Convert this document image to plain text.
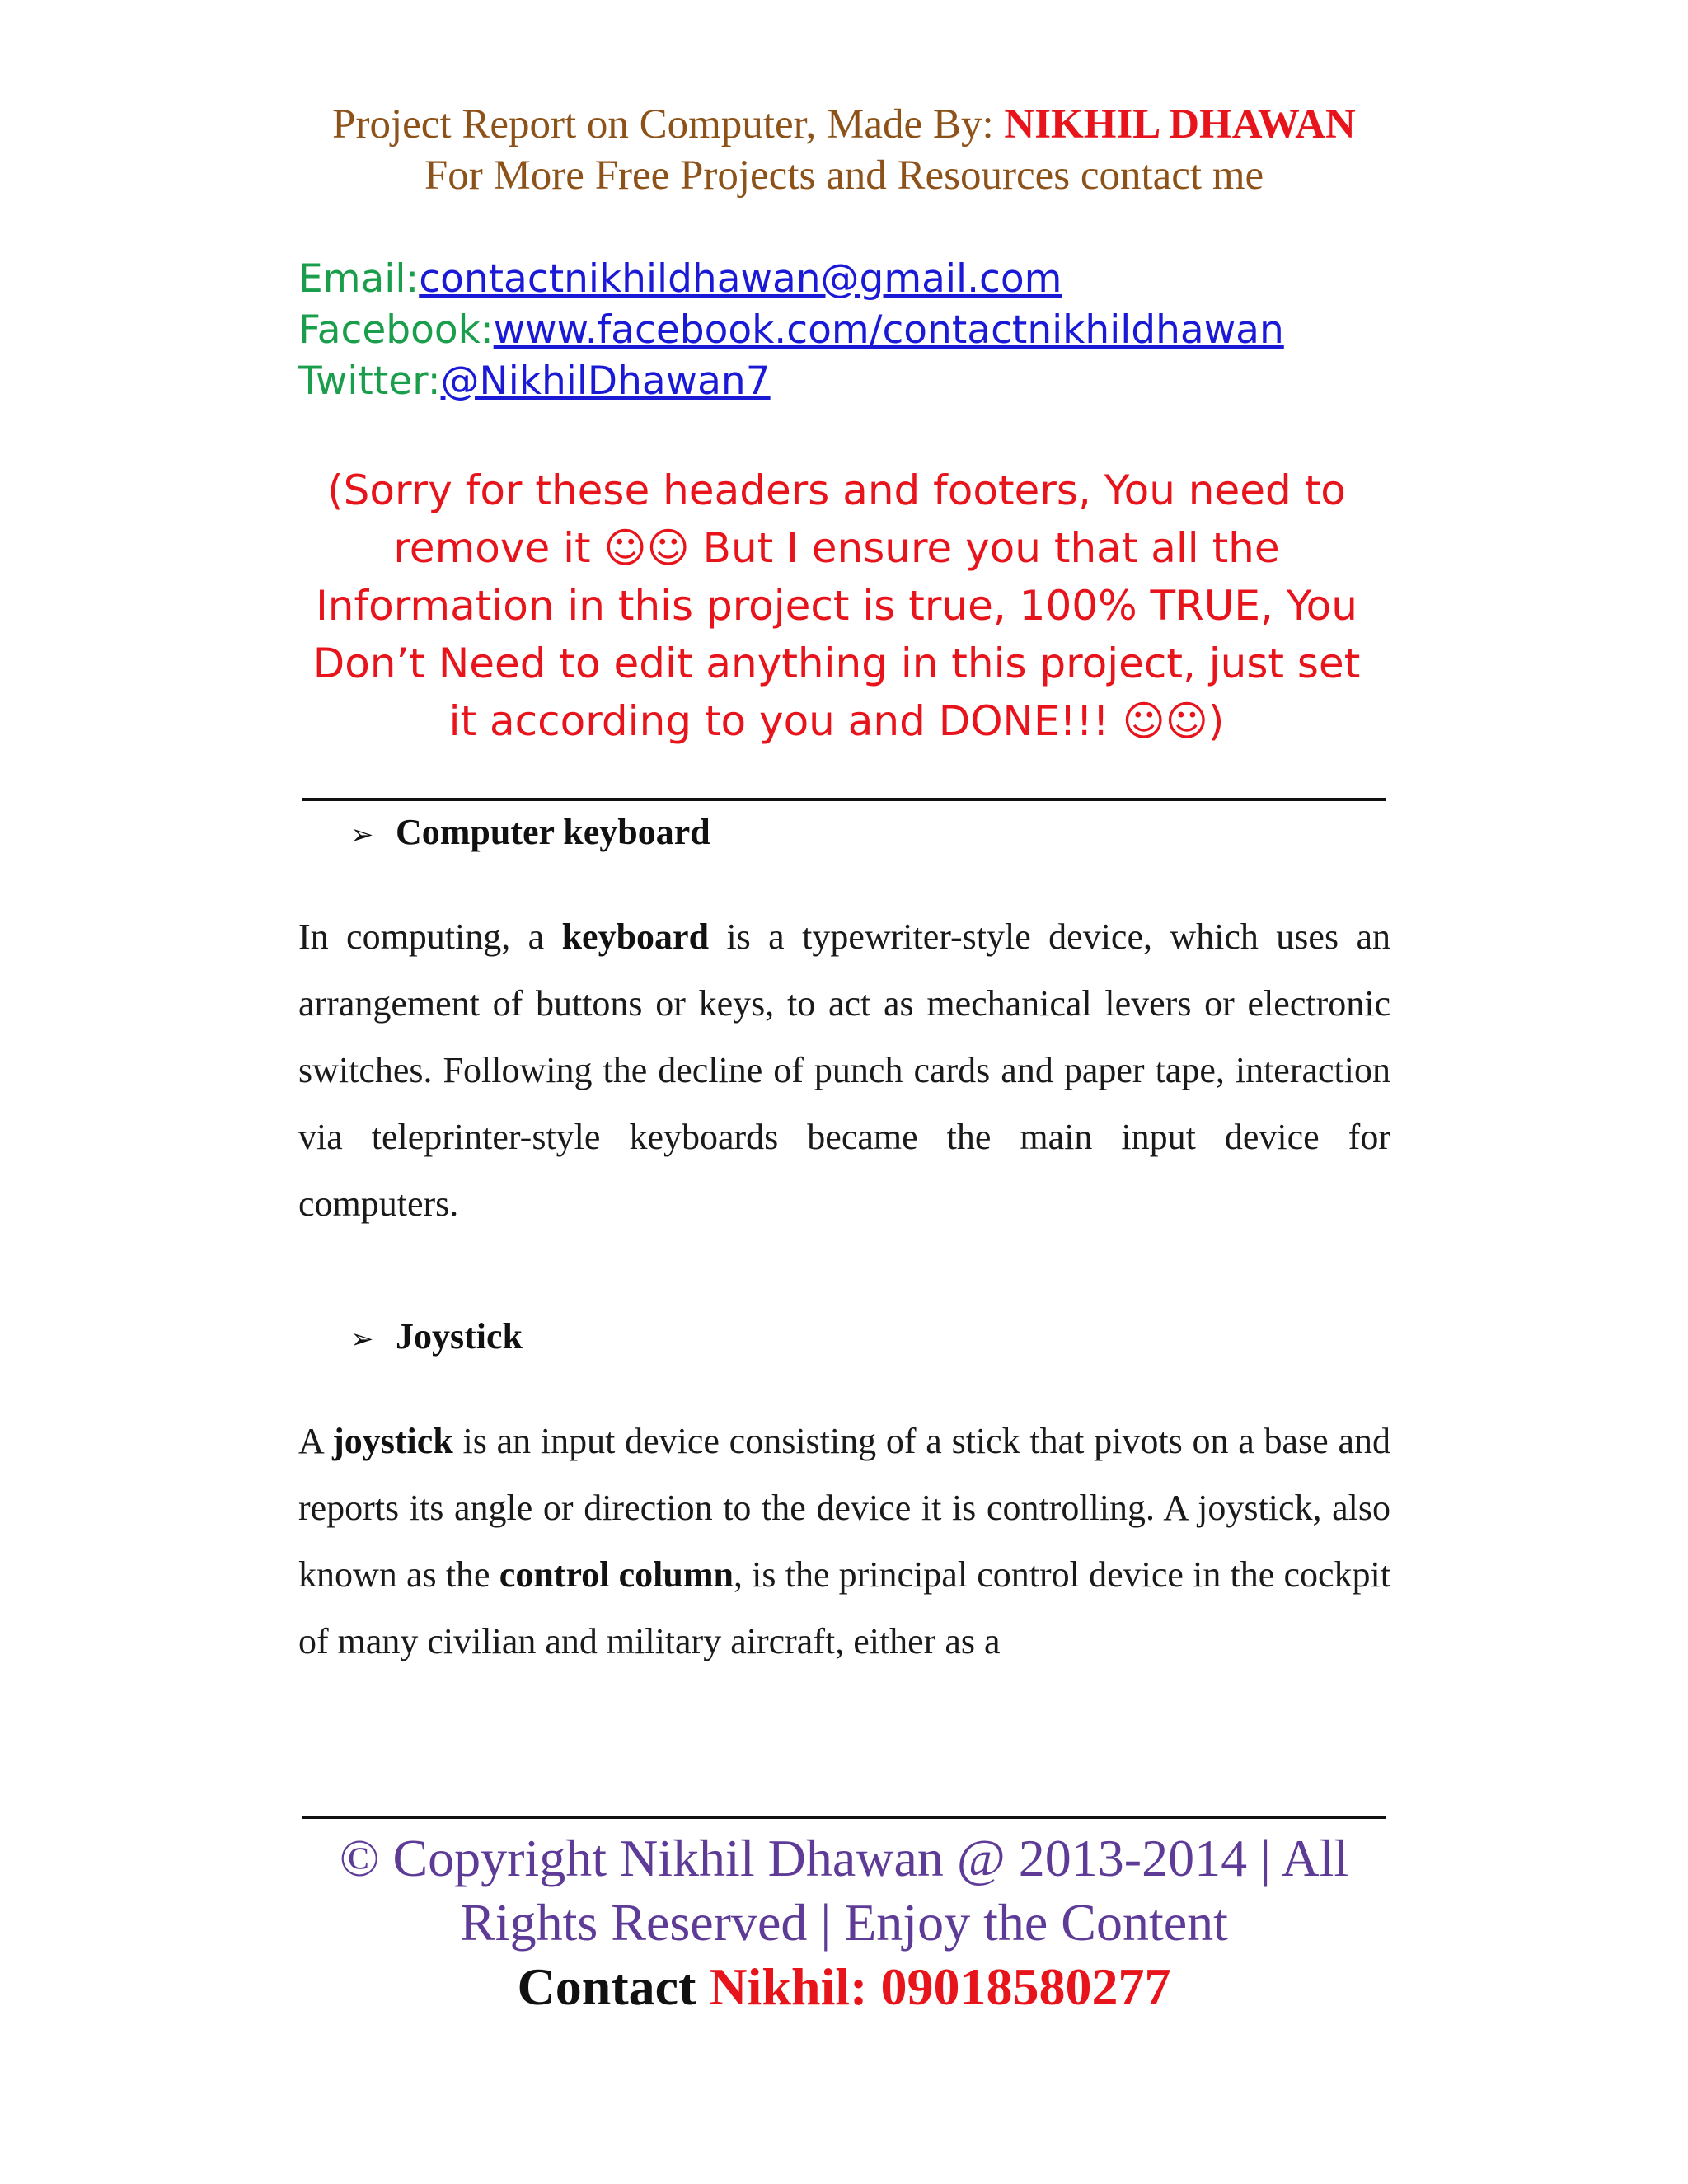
Project Report on Computer, Made By: NIKHIL DHAWAN
For More Free Projects and Resources contact me
Email:contactnikhildhawan@gmail.com
Facebook:www.facebook.com/contactnikhildhawan
Twitter:@NikhilDhawan7
(Sorry for these headers and footers, You need to
remove it ☺☺ But I ensure you that all the
Information in this project is true, 100% TRUE, You
Don’t Need to edit anything in this project, just set
it according to you and DONE!!! ☺☺)
➢ Computer keyboard
In computing, a keyboard is a typewriter-style device, which uses an arrangement of buttons or keys, to act as mechanical levers or electronic switches. Following the decline of punch cards and paper tape, interaction via teleprinter-style keyboards became the main input device for computers.
➢ Joystick
A joystick is an input device consisting of a stick that pivots on a base and reports its angle or direction to the device it is controlling. A joystick, also known as the control column, is the principal control device in the cockpit of many civilian and military aircraft, either as a
© Copyright Nikhil Dhawan @ 2013-2014 | All
Rights Reserved | Enjoy the Content
Contact Nikhil: 09018580277
